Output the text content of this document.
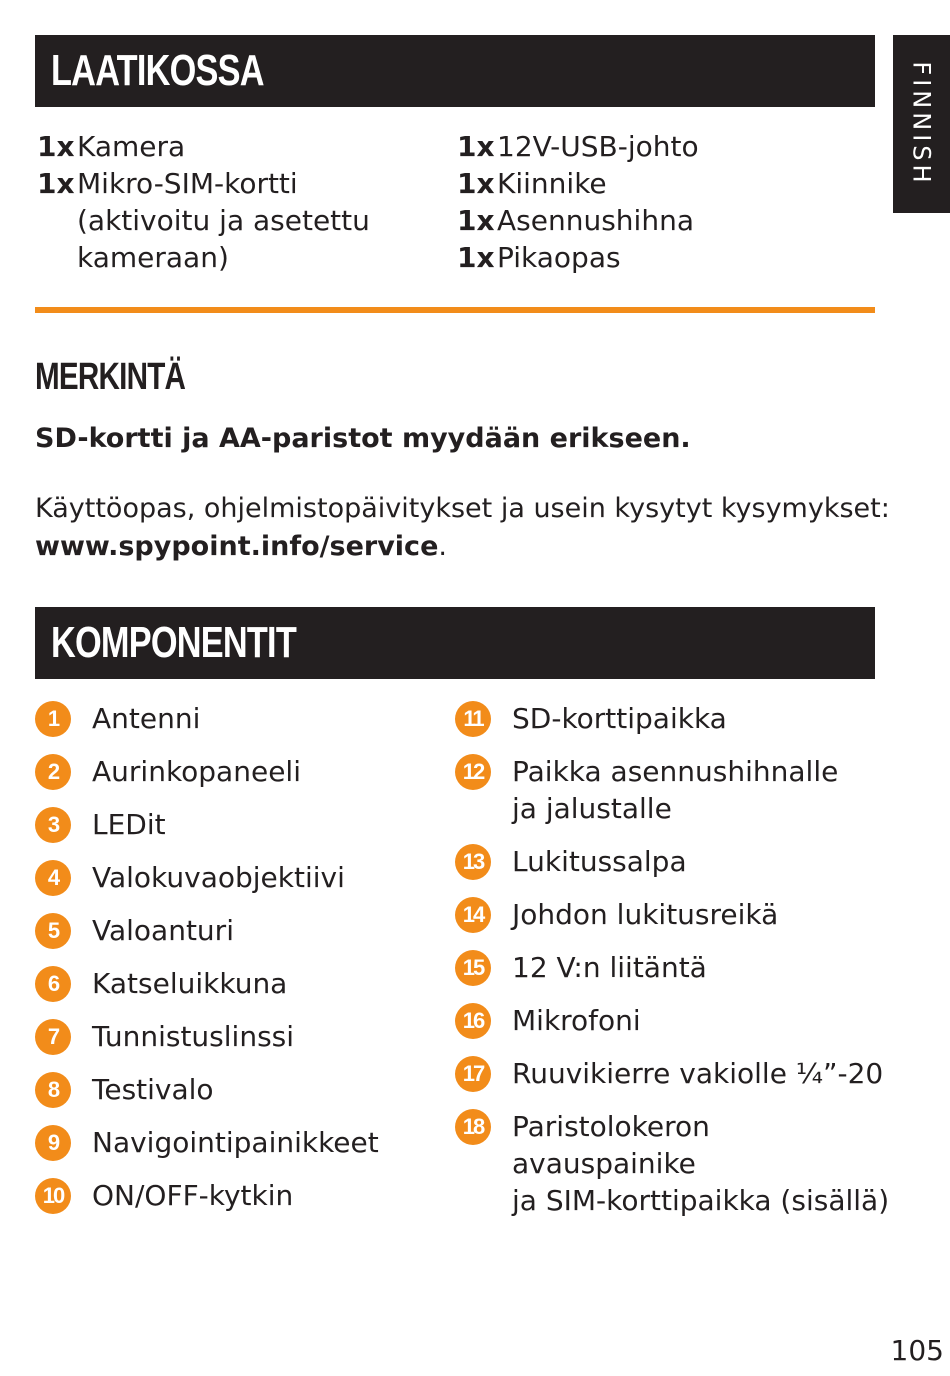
LAATIKOSSA	FINNISH
1x Kamera
1x Mikro-SIM-kortti
(aktivoitu ja asetettu
kameraan)
1x 12V-USB-johto
1x Kiinnike
1x Asennushihna
1x Pikaopas
MERKINTÄ
SD-kortti ja AA-paristot myydään erikseen.
Käyttöopas, ohjelmistopäivitykset ja usein kysytyt kysymykset:
www.spypoint.info/service.
KOMPONENTIT
1	Antenni
2	Aurinkopaneeli
3	LEDit
4	Valokuvaobjektiivi
5	Valoanturi
6	Katseluikkuna
7	Tunnistuslinssi
8	Testivalo
9	Navigointipainikkeet
10 ON/OFF-kytkin
11 SD-korttipaikka
12 Paikka asennushihnalle
ja jalustalle
13 Lukitussalpa
14 Johdon lukitusreikä
15 12 V:n liitäntä
16 Mikrofoni
17 Ruuvikierre vakiolle ¼”-20
18 Paristolokeron avauspainike
ja SIM-korttipaikka (sisällä)
105
